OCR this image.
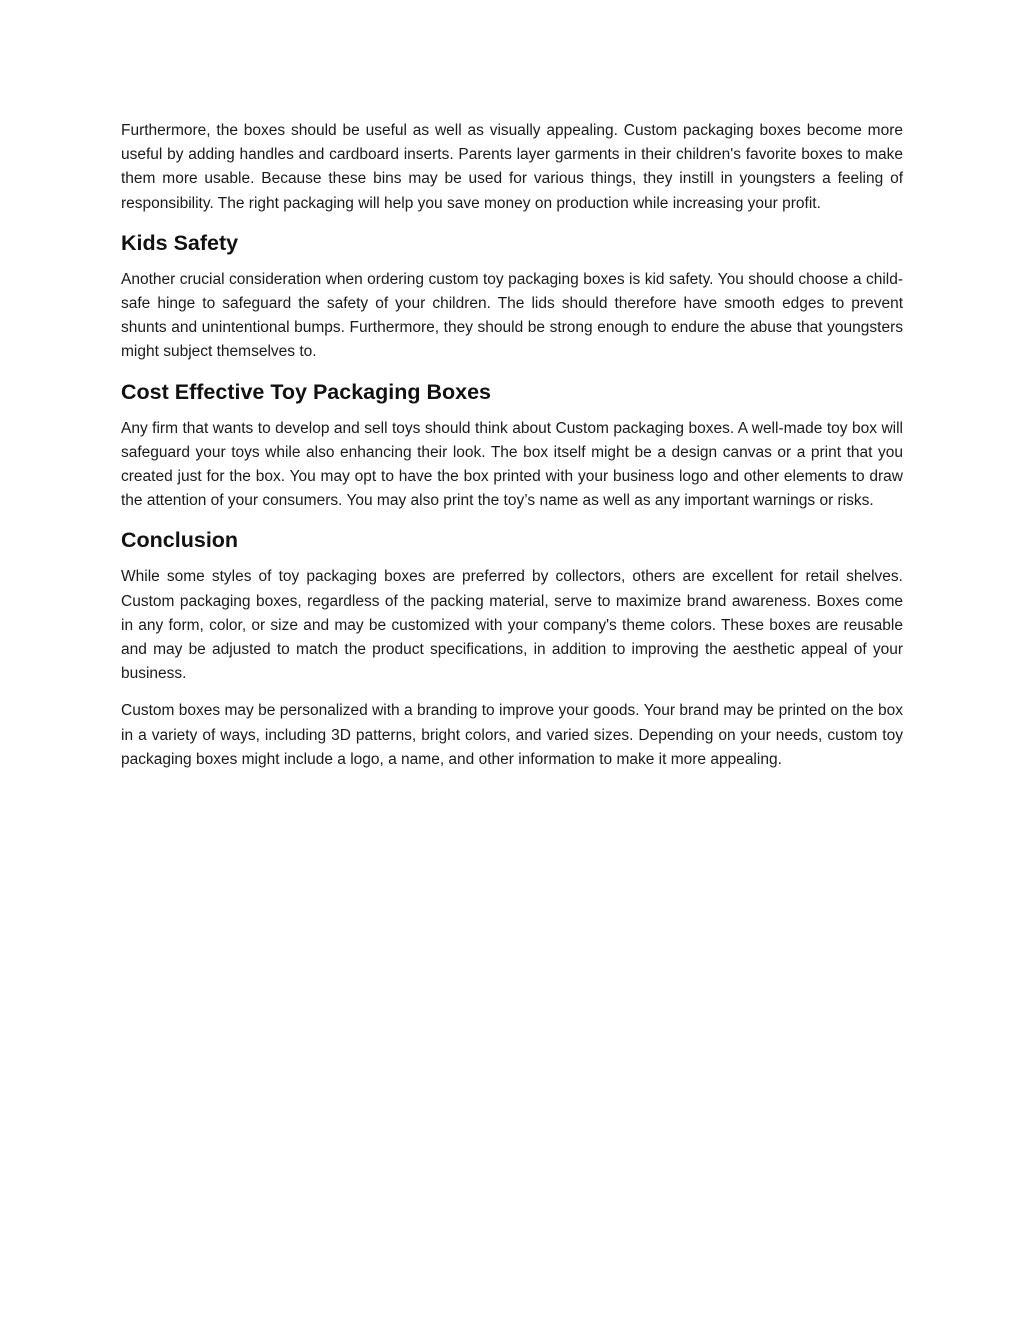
Furthermore, the boxes should be useful as well as visually appealing. Custom packaging boxes become more useful by adding handles and cardboard inserts. Parents layer garments in their children's favorite boxes to make them more usable. Because these bins may be used for various things, they instill in youngsters a feeling of responsibility. The right packaging will help you save money on production while increasing your profit.

Kids Safety

Another crucial consideration when ordering custom toy packaging boxes is kid safety. You should choose a child-safe hinge to safeguard the safety of your children. The lids should therefore have smooth edges to prevent shunts and unintentional bumps. Furthermore, they should be strong enough to endure the abuse that youngsters might subject themselves to.

Cost Effective Toy Packaging Boxes

Any firm that wants to develop and sell toys should think about Custom packaging boxes. A well-made toy box will safeguard your toys while also enhancing their look. The box itself might be a design canvas or a print that you created just for the box. You may opt to have the box printed with your business logo and other elements to draw the attention of your consumers. You may also print the toy’s name as well as any important warnings or risks.

Conclusion

While some styles of toy packaging boxes are preferred by collectors, others are excellent for retail shelves. Custom packaging boxes, regardless of the packing material, serve to maximize brand awareness. Boxes come in any form, color, or size and may be customized with your company's theme colors. These boxes are reusable and may be adjusted to match the product specifications, in addition to improving the aesthetic appeal of your business.

Custom boxes may be personalized with a branding to improve your goods. Your brand may be printed on the box in a variety of ways, including 3D patterns, bright colors, and varied sizes. Depending on your needs, custom toy packaging boxes might include a logo, a name, and other information to make it more appealing.
